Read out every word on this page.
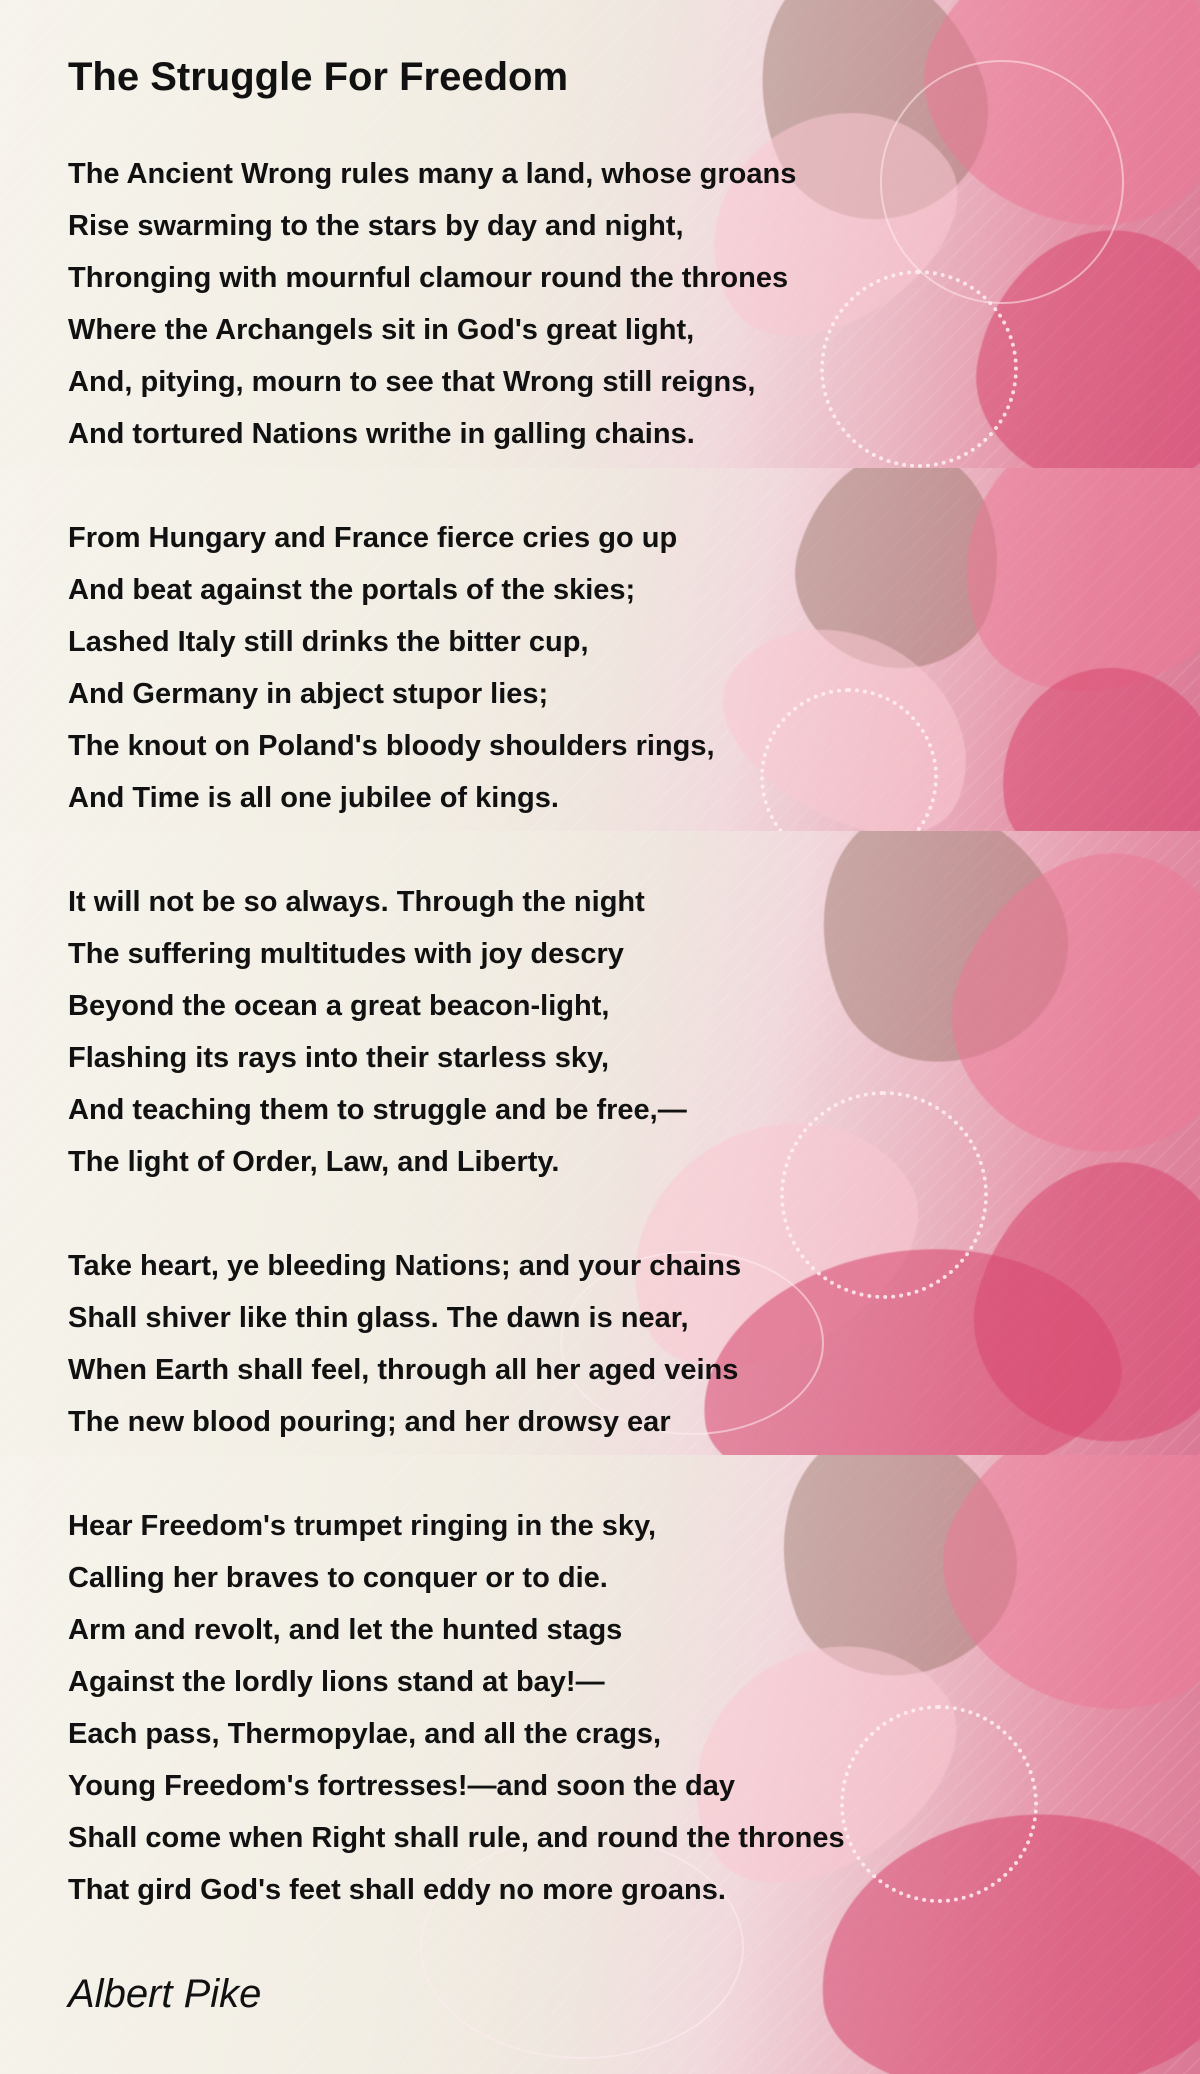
The Struggle For Freedom
The Ancient Wrong rules many a land, whose groans
Rise swarming to the stars by day and night,
Thronging with mournful clamour round the thrones
Where the Archangels sit in God's great light,
And, pitying, mourn to see that Wrong still reigns,
And tortured Nations writhe in galling chains.
From Hungary and France fierce cries go up
And beat against the portals of the skies;
Lashed Italy still drinks the bitter cup,
And Germany in abject stupor lies;
The knout on Poland's bloody shoulders rings,
And Time is all one jubilee of kings.
It will not be so always. Through the night
The suffering multitudes with joy descry
Beyond the ocean a great beacon-light,
Flashing its rays into their starless sky,
And teaching them to struggle and be free,—
The light of Order, Law, and Liberty.
Take heart, ye bleeding Nations; and your chains
Shall shiver like thin glass. The dawn is near,
When Earth shall feel, through all her aged veins
The new blood pouring; and her drowsy ear
Hear Freedom's trumpet ringing in the sky,
Calling her braves to conquer or to die.
Arm and revolt, and let the hunted stags
Against the lordly lions stand at bay!—
Each pass, Thermopylae, and all the crags,
Young Freedom's fortresses!—and soon the day
Shall come when Right shall rule, and round the thrones
That gird God's feet shall eddy no more groans.
Albert Pike
